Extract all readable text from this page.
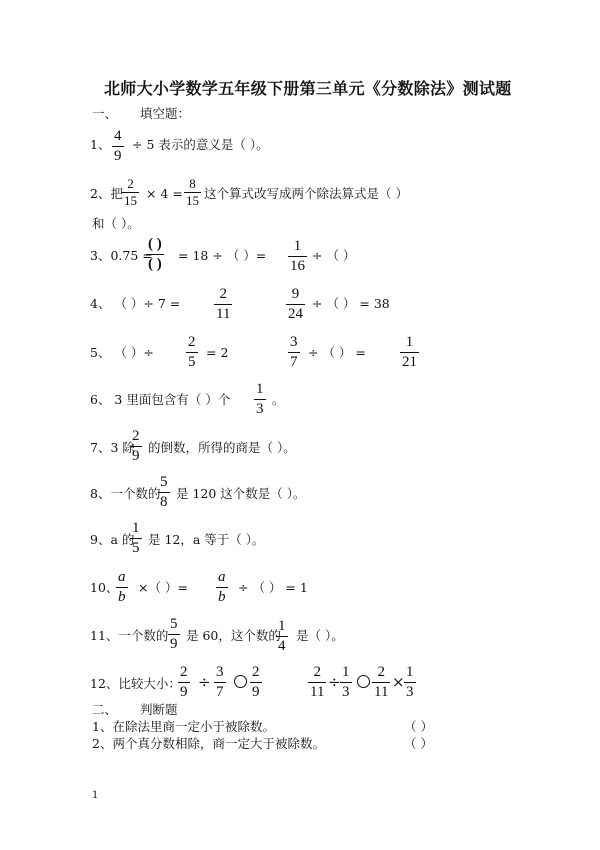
北师大小学数学五年级下册第三单元《分数除法》测试题
一、 填空题：
1、 $\frac{4}{9} \div 5$ 表示的意义是（ ）。
2、把 $\frac{2}{15} \times 4 = \frac{8}{15}$ 这个算式改写成两个除法算式是（ ）
和（ ）。
3、0.75 =
( )
( )
= 18 ÷ （ ）= $\frac{1}{16}$ ÷ （ ）
4、 （ ）÷ $7 = \frac{2}{11}$	$\frac{9}{24}$ ÷ （ ） = 38
5、 （ ）÷ $\frac{2}{5} = 2$	$\frac{3}{7}$ ÷ （ ） = $\frac{1}{21}$
6、 3 里面包含有（ ）个 $\frac{1}{3}$ 。
7、3 除
$\frac{2}{9}$ 的倒数，所得的商是（ ）。
8、一个数的
$\frac{5}{8}$ 是 120 这个数是（ ）。
9、a 的
$\frac{1}{5}$ 是 12，a 等于（ ）。
10、
$\frac{a}{b}$ ×（ ）= $\frac{a}{b}$ ÷ （ ） = 1
11、一个数的 $\frac{5}{9}$ 是 60，这个数的
$\frac{1}{4}$ 是（ ）。
12、比较大小：
$\frac{2}{9} \div \frac{3}{7} \frac{2}{9}$	$\frac{2}{11} \div \frac{1}{3} \frac{2}{11} \times \frac{1}{3}$
二、 判断题
1、在除法里商一定小于被除数。	（ ）
2、两个真分数相除，商一定大于被除数。	（ ）
1
